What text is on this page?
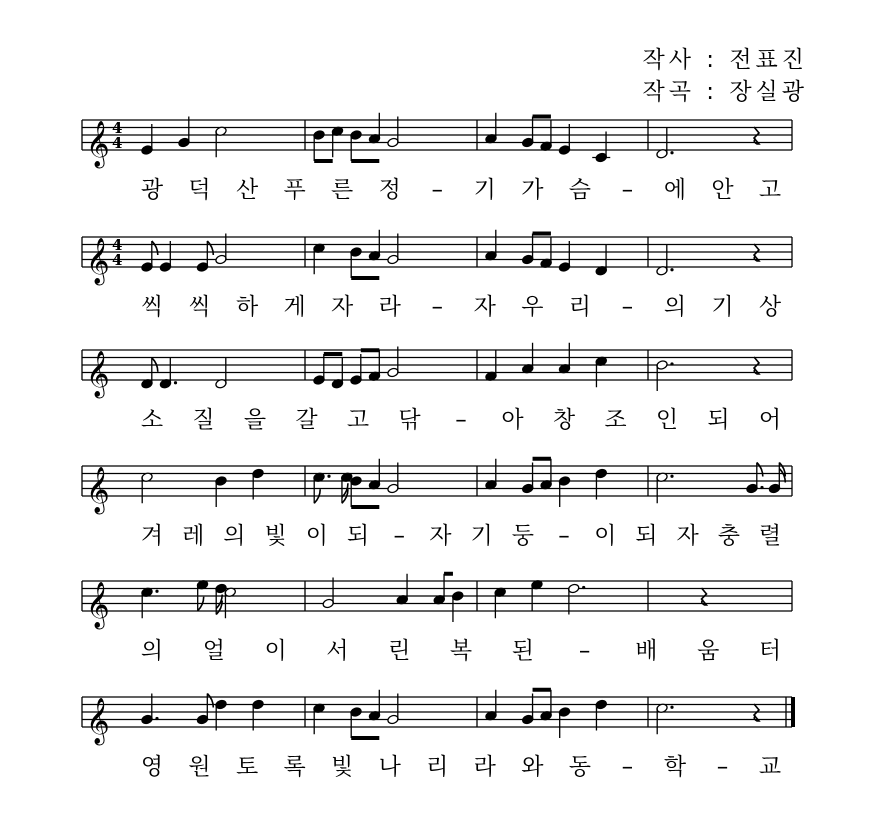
작사 : 전표진
작곡 : 장실광
𝄞 4
4
광 덕 산 푸 른 정 – 기 가 슴 – 에 안 고
𝄞 4
4
씩 씩 하 게 자 라 – 자 우 리 – 의 기 상
𝄞
소 질 을 갈 고 닦 – 아 창 조 인 되 어
𝄞
겨 레 의 빛 이 되 – 자 기 둥 – 이 되 자 충 렬
𝄞
의 얼 이 서 린 복 된 – 배 움 터
𝄞
영 원 토 록 빛 나 리 라 와 동 – 학 – 교
